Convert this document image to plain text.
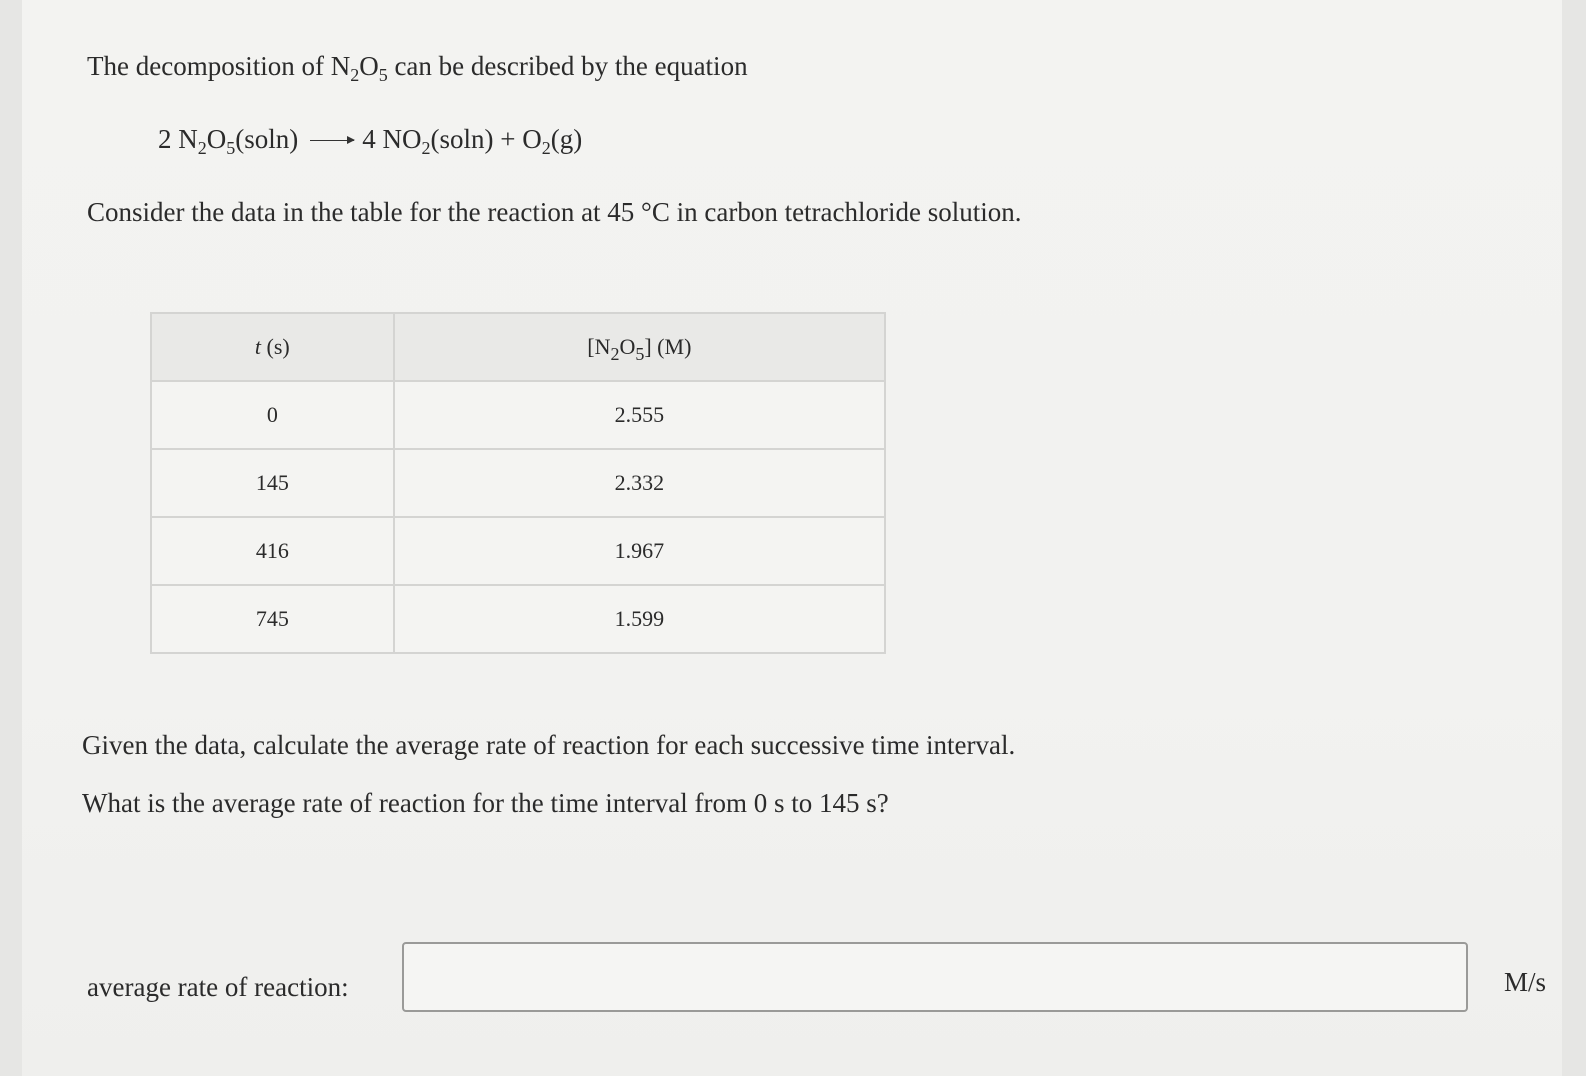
The decomposition of $N_2O_5$ can be described by the equation
2 $N_2O_5(soln) \to 4$ $NO_2(soln) + O_2(g)$
Consider the data in the table for the reaction at 45 °C in carbon tetrachloride solution.
t (s)	$[N_2O_5]$ (M)
0	2.555
145	2.332
416	1.967
745	1.599
Given the data, calculate the average rate of reaction for each successive time interval.
What is the average rate of reaction for the time interval from 0 s to 145 s?
average rate of reaction:	M/s
